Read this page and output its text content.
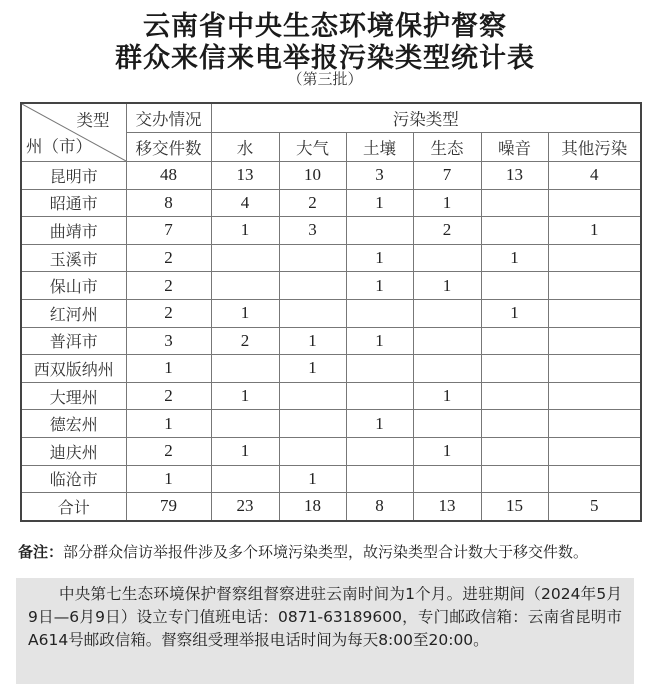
云南省中央生态环境保护督察
群众来信来电举报污染类型统计表
（第三批）
类型
州（市）	交办情况	污染类型					
	移交件数	水	大气	土壤	生态	噪音	其他污染
昆明市	48	13	10	3	7	13	4
昭通市	8	4	2	1	1		
曲靖市	7	1	3		2		1
玉溪市	2			1		1	
保山市	2			1	1		
红河州	2	1				1	
普洱市	3	2	1	1			
西双版纳州	1		1				
大理州	2	1			1		
德宏州	1			1			
迪庆州	2	1			1		
临沧市	1		1				
合计	79	23	18	8	13	15	5
备注：部分群众信访举报件涉及多个环境污染类型，故污染类型合计数大于移交件数。

中央第七生态环境保护督察组督察进驻云南时间为1个月。进驻期间（2024年5月9日—6月9日）设立专门值班电话：0871-63189600，专门邮政信箱：云南省昆明市A614号邮政信箱。督察组受理举报电话时间为每天8:00至20:00。
